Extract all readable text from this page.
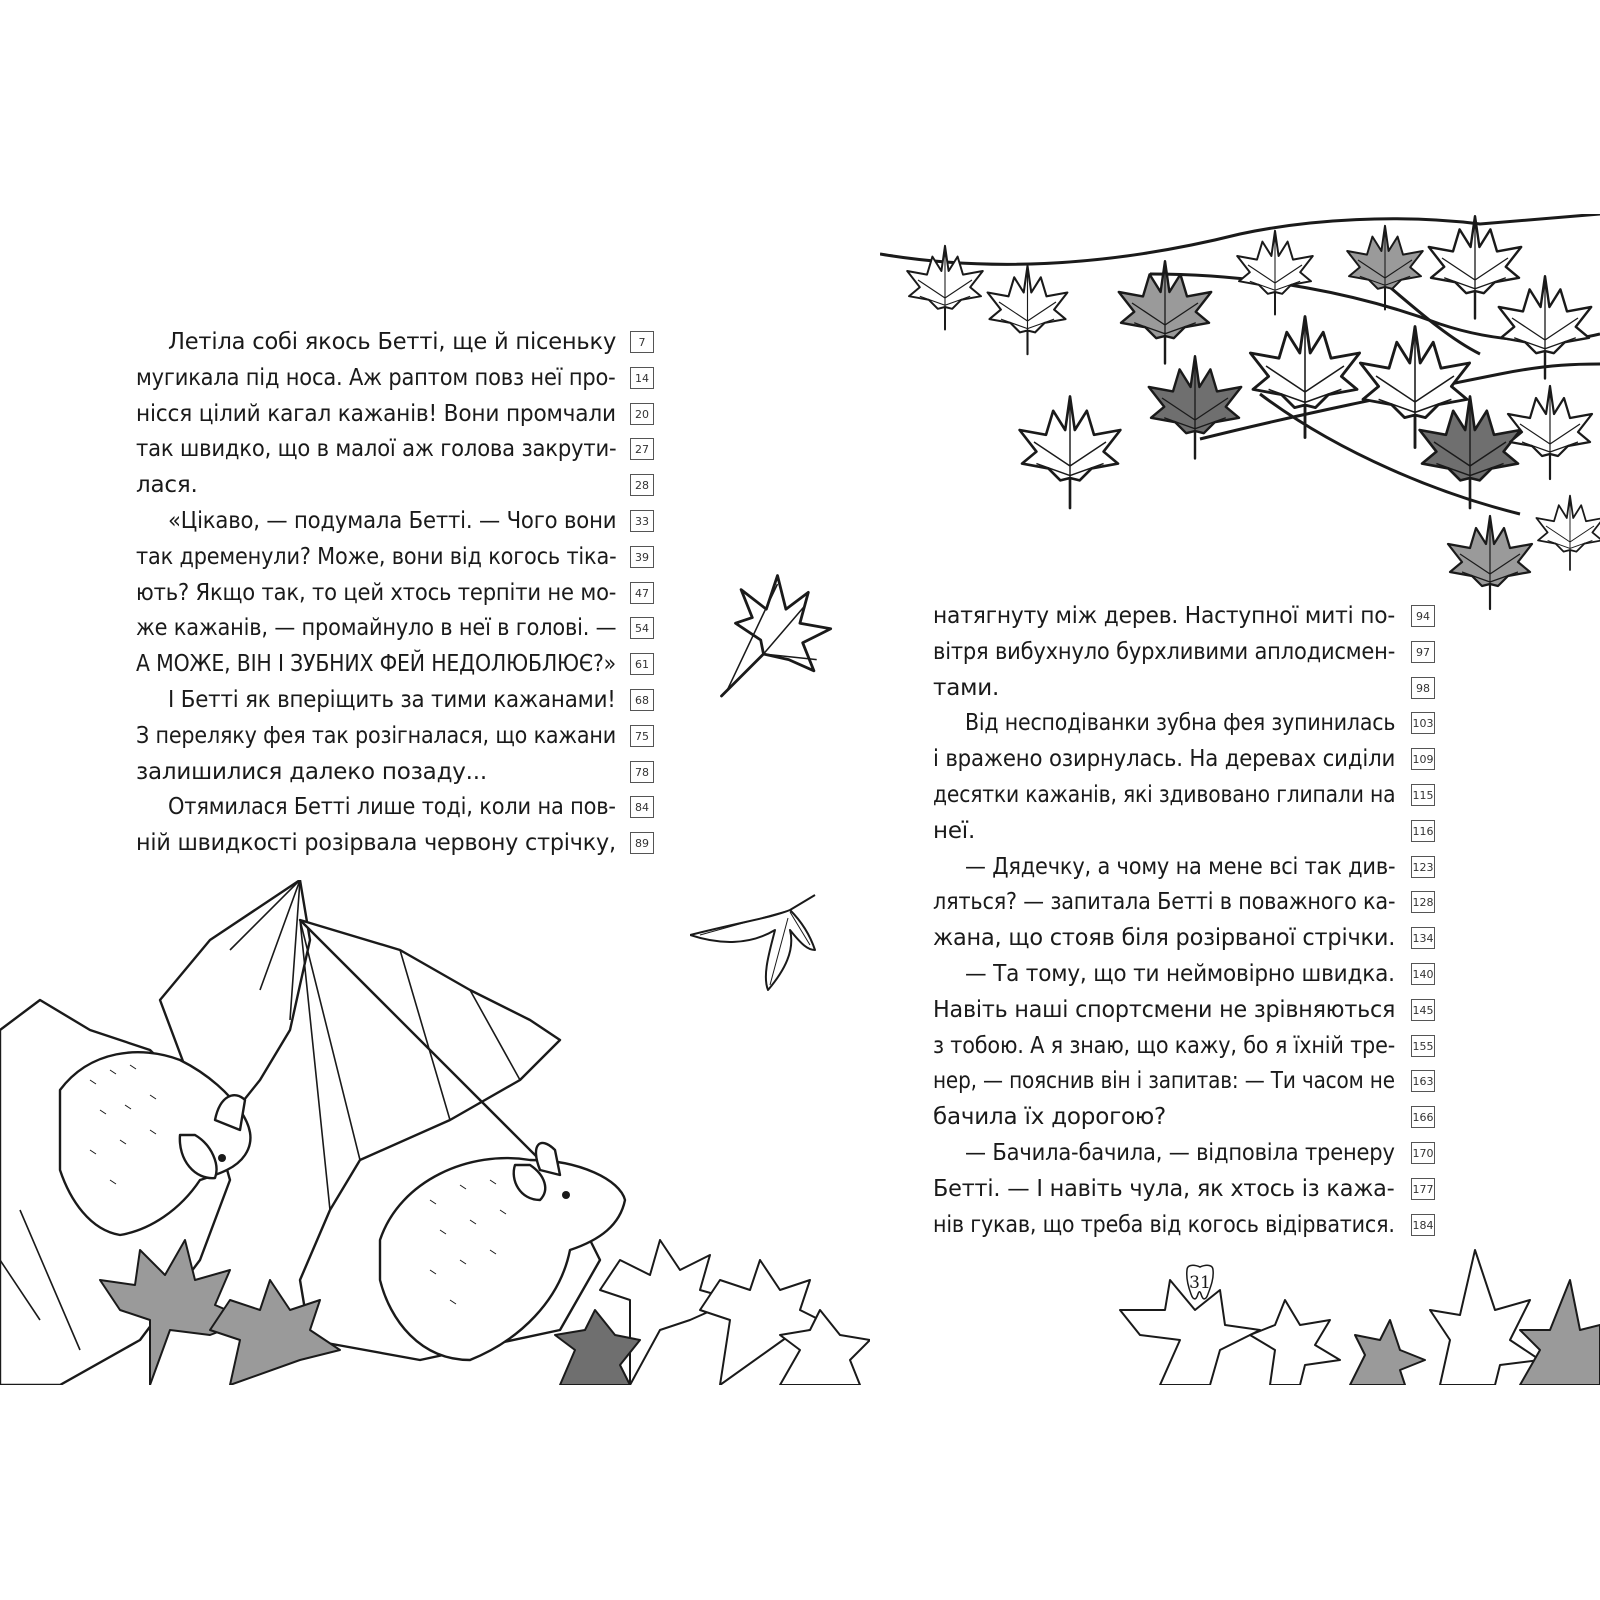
Летіла собі якось Бетті, ще й пісеньку	7
мугикала під носа. Аж раптом повз неї про-	14
нісся цілий кагал кажанів! Вони промчали	20
так швидко, що в малої аж голова закрути-	27
лася.	28
«Цікаво, — подумала Бетті. — Чого вони	33
так дременули? Може, вони від когось тіка-	39
ють? Якщо так, то цей хтось терпіти не мо-	47
же кажанів, — промайнуло в неї в голові. —	54
А МОЖЕ, ВІН І ЗУБНИХ ФЕЙ НЕДОЛЮБЛЮЄ?»	61
І Бетті як вперіщить за тими кажанами!	68
З переляку фея так розігналася, що кажани	75
залишилися далеко позаду...	78
Отямилася Бетті лише тоді, коли на пов-	84
ній швидкості розірвала червону стрічку,	89
натягнуту між дерев. Наступної миті по-	94
вітря вибухнуло бурхливими аплодисмен-	97
тами.	98
Від несподіванки зубна фея зупинилась 103
і вражено озирнулась. На деревах сиділи 109
десятки кажанів, які здивовано глипали на 115
неї.	116
— Дядечку, а чому на мене всі так див- 123
ляться? — запитала Бетті в поважного ка- 128
жана, що стояв біля розірваної стрічки. 134
— Та тому, що ти неймовірно швидка. 140
Навіть наші спортсмени не зрівняються 145
з тобою. А я знаю, що кажу, бо я їхній тре- 155
нер, — пояснив він і запитав: — Ти часом не 163
бачила їх дорогою?	166
— Бачила-бачила, — відповіла тренеру 170
Бетті. — І навіть чула, як хтось із кажа- 177
нів гукав, що треба від когось відірватися. 184
31
